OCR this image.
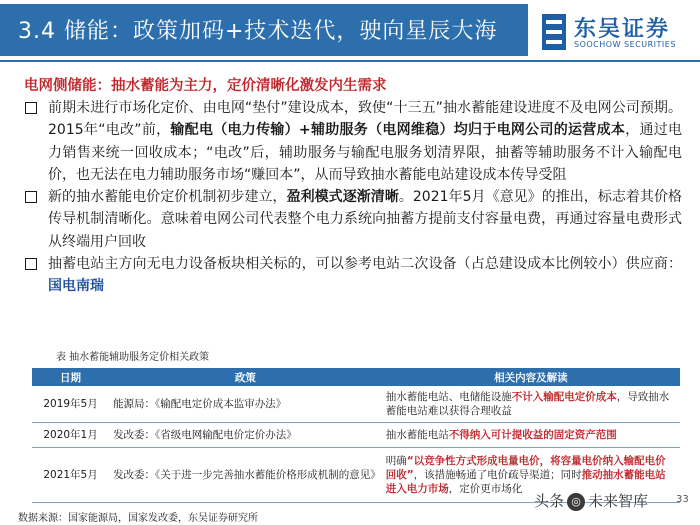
3.4 储能：政策加码+技术迭代，驶向星辰大海	东吴证券
SOOCHOW SECURITIES
电网侧储能：抽水蓄能为主力，定价清晰化激发内生需求

前期未进行市场化定价、由电网“垫付”建设成本，致使“十三五”抽水蓄能建设进度不及电网公司预期。2015年“电改”前，输配电（电力传输）+辅助服务（电网维稳）均归于电网公司的运营成本，通过电力销售来统一回收成本；“电改”后，辅助服务与输配电服务划清界限，抽蓄等辅助服务不计入输配电价，也无法在电力辅助服务市场“赚回本”，从而导致抽水蓄能电站建设成本传导受阻

新的抽水蓄能电价定价机制初步建立，盈利模式逐渐清晰。2021年5月《意见》的推出，标志着其价格传导机制清晰化。意味着电网公司代表整个电力系统向抽蓄方提前支付容量电费，再通过容量电费形式从终端用户回收

抽蓄电站主方向无电力设备板块相关标的，可以参考电站二次设备（占总建设成本比例较小）供应商：国电南瑞

表 抽水蓄能辅助服务定价相关政策
日期	政策	相关内容及解读
2019年5月	能源局：《输配电定价成本监审办法》	抽水蓄能电站、电储能设施不计入输配电定价成本，导致抽水蓄能电站难以获得合理收益
2020年1月	发改委：《省级电网输配电价定价办法》	抽水蓄能电站不得纳入可计提收益的固定资产范围
2021年5月	发改委：《关于进一步完善抽水蓄能价格形成机制的意见》	明确“以竞争性方式形成电量电价，将容量电价纳入输配电价回收”，该措施畅通了电价疏导渠道；同时推动抽水蓄能电站进入电力市场，定价更市场化
数据来源：国家能源局，国家发改委，东吴证券研究所
头条 ◎ 未来智库	33
